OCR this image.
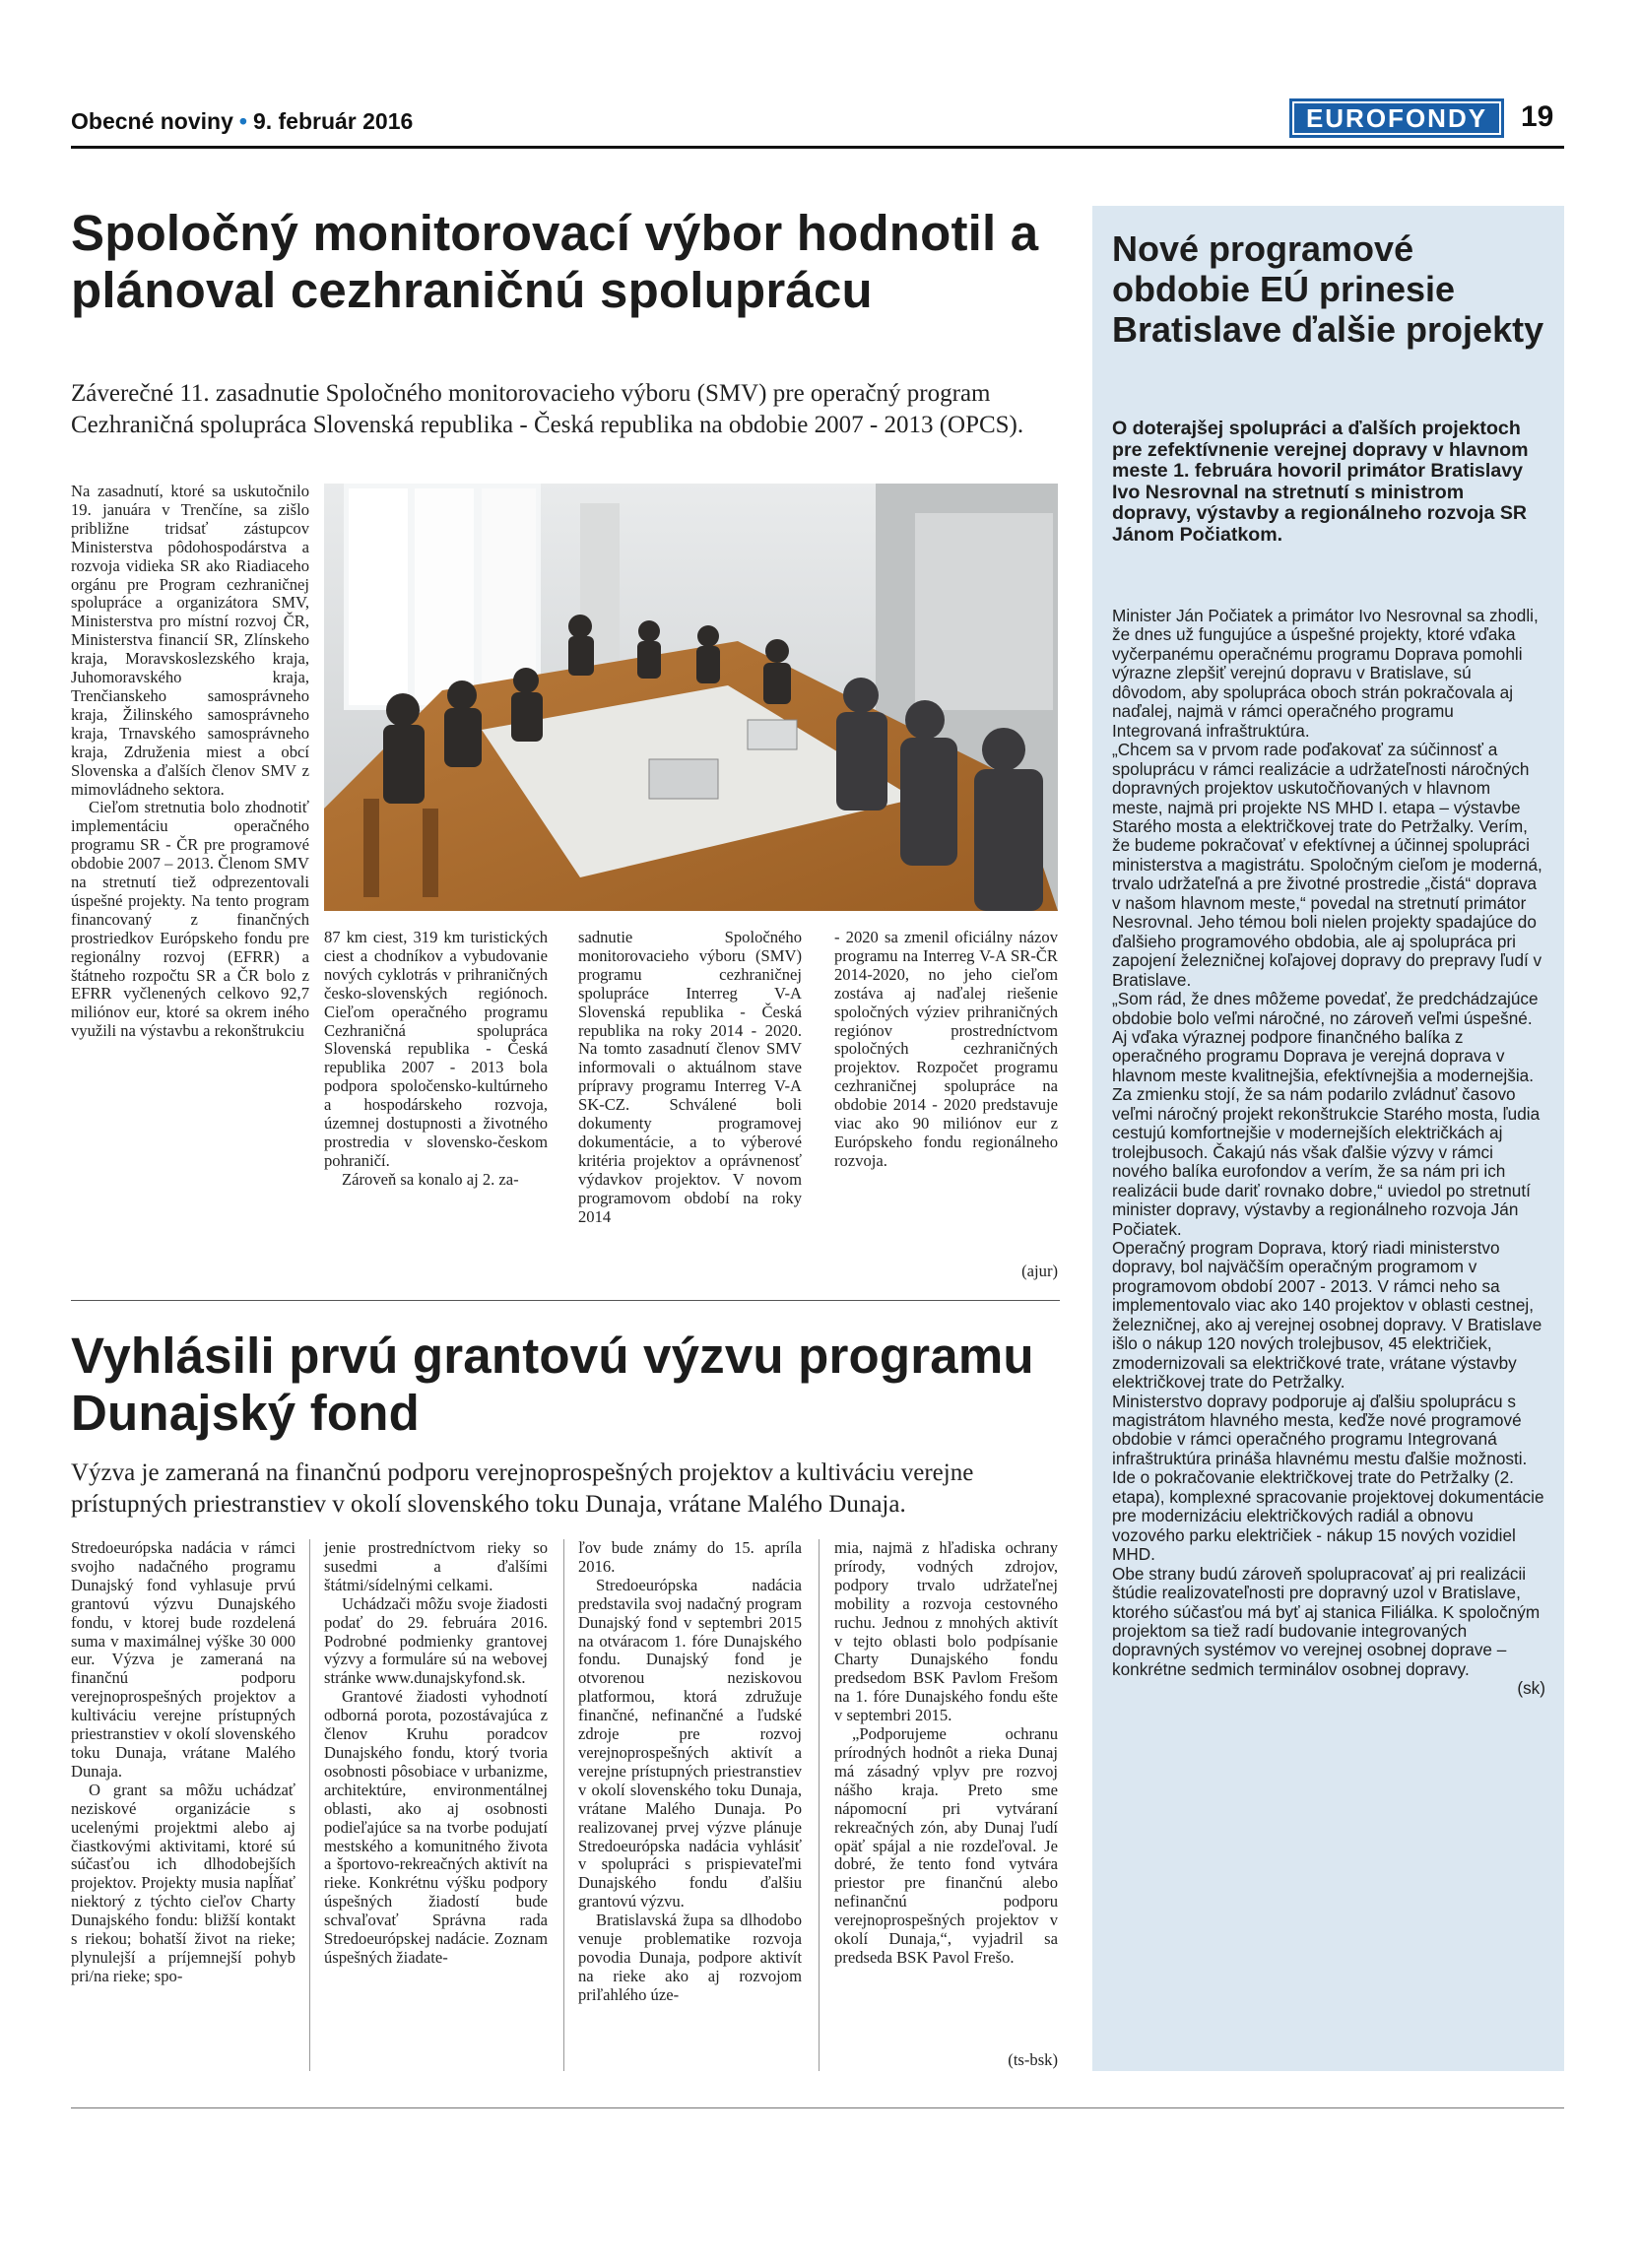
Obecné noviny • 9. február 2016	EUROFONDY	19
Spoločný monitorovací výbor hodnotil a plánoval cezhraničnú spoluprácu
Záverečné 11. zasadnutie Spoločného monitorovacieho výboru (SMV) pre operačný program Cezhraničná spolupráca Slovenská republika - Česká republika na obdobie 2007 - 2013 (OPCS).

Na zasadnutí, ktoré sa uskutočnilo 19. januára v Trenčíne, sa zišlo približne tridsať zástupcov Ministerstva pôdohospodárstva a rozvoja vidieka SR ako Riadiaceho orgánu pre Program cezhraničnej spolupráce a organizátora SMV, Ministerstva pro místní rozvoj ČR, Ministerstva financií SR, Zlínskeho kraja, Moravskoslezského kraja, Juhomoravského kraja, Trenčianskeho samosprávneho kraja, Žilinského samosprávneho kraja, Trnavského samosprávneho kraja, Združenia miest a obcí Slovenska a ďalších členov SMV z mimovládneho sektora.

Cieľom stretnutia bolo zhodnotiť implementáciu operačného programu SR - ČR pre programové obdobie 2007 – 2013. Členom SMV na stretnutí tiež odprezentovali úspešné projekty. Na tento program financovaný z finančných prostriedkov Európskeho fondu pre regionálny rozvoj (EFRR) a štátneho rozpočtu SR a ČR bolo z EFRR vyčlenených celkovo 92,7 miliónov eur, ktoré sa okrem iného využili na výstavbu a rekonštrukciu

87 km ciest, 319 km turistických ciest a chodníkov a vybudovanie nových cyklotrás v prihraničných česko-slovenských regiónoch. Cieľom operačného programu Cezhraničná spolupráca Slovenská republika - Česká republika 2007 - 2013 bola podpora spoločensko-kultúrneho a hospodárskeho rozvoja, územnej dostupnosti a životného prostredia v slovensko-českom pohraničí.

Zároveň sa konalo aj 2. za-

sadnutie Spoločného monitorovacieho výboru (SMV) programu cezhraničnej spolupráce Interreg V-A Slovenská republika - Česká republika na roky 2014 - 2020. Na tomto zasadnutí členov SMV informovali o aktuálnom stave prípravy programu Interreg V-A SK-CZ. Schválené boli dokumenty programovej dokumentácie, a to výberové kritéria projektov a oprávnenosť výdavkov projektov. V novom programovom období na roky 2014

- 2020 sa zmenil oficiálny názov programu na Interreg V-A SR-ČR 2014-2020, no jeho cieľom zostáva aj naďalej riešenie spoločných výziev prihraničných regiónov prostredníctvom spoločných cezhraničných projektov. Rozpočet programu cezhraničnej spolupráce na obdobie 2014 - 2020 predstavuje viac ako 90 miliónov eur z Európskeho fondu regionálneho rozvoja.

(ajur)
Vyhlásili prvú grantovú výzvu programu Dunajský fond
Výzva je zameraná na finančnú podporu verejnoprospešných projektov a kultiváciu verejne prístupných priestranstiev v okolí slovenského toku Dunaja, vrátane Malého Dunaja.

Stredoeurópska nadácia v rámci svojho nadačného programu Dunajský fond vyhlasuje prvú grantovú výzvu Dunajského fondu, v ktorej bude rozdelená suma v maximálnej výške 30 000 eur. Výzva je zameraná na finančnú podporu verejnoprospešných projektov a kultiváciu verejne prístupných priestranstiev v okolí slovenského toku Dunaja, vrátane Malého Dunaja.

O grant sa môžu uchádzať neziskové organizácie s ucelenými projektmi alebo aj čiastkovými aktivitami, ktoré sú súčasťou ich dlhodobejších projektov. Projekty musia napĺňať niektorý z týchto cieľov Charty Dunajského fondu: bližší kontakt s riekou; bohatší život na rieke; plynulejší a príjemnejší pohyb pri/na rieke; spo-

jenie prostredníctvom rieky so susedmi a ďalšími štátmi/sídelnými celkami.

Uchádzači môžu svoje žiadosti podať do 29. februára 2016. Podrobné podmienky grantovej výzvy a formuláre sú na webovej stránke www.dunajskyfond.sk.

Grantové žiadosti vyhodnotí odborná porota, pozostávajúca z členov Kruhu poradcov Dunajského fondu, ktorý tvoria osobnosti pôsobiace v urbanizme, architektúre, environmentálnej oblasti, ako aj osobnosti podieľajúce sa na tvorbe podujatí mestského a komunitného života a športovo-rekreačných aktivít na rieke. Konkrétnu výšku podpory úspešných žiadostí bude schvaľovať Správna rada Stredoeurópskej nadácie. Zoznam úspešných žiadate-

ľov bude známy do 15. apríla 2016.

Stredoeurópska nadácia predstavila svoj nadačný program Dunajský fond v septembri 2015 na otváracom 1. fóre Dunajského fondu. Dunajský fond je otvorenou neziskovou platformou, ktorá združuje finančné, nefinančné a ľudské zdroje pre rozvoj verejnoprospešných aktivít a verejne prístupných priestranstiev v okolí slovenského toku Dunaja, vrátane Malého Dunaja. Po realizovanej prvej výzve plánuje Stredoeurópska nadácia vyhlásiť v spolupráci s prispievateľmi Dunajského fondu ďalšiu grantovú výzvu.

Bratislavská župa sa dlhodobo venuje problematike rozvoja povodia Dunaja, podpore aktivít na rieke ako aj rozvojom priľahlého úze-

mia, najmä z hľadiska ochrany prírody, vodných zdrojov, podpory trvalo udržateľnej mobility a rozvoja cestovného ruchu. Jednou z mnohých aktivít v tejto oblasti bolo podpísanie Charty Dunajského fondu predsedom BSK Pavlom Frešom na 1. fóre Dunajského fondu ešte v septembri 2015.

„Podporujeme ochranu prírodných hodnôt a rieka Dunaj má zásadný vplyv pre rozvoj nášho kraja. Preto sme nápomocní pri vytváraní rekreačných zón, aby Dunaj ľudí opäť spájal a nie rozdeľoval. Je dobré, že tento fond vytvára priestor pre finančnú alebo nefinančnú podporu verejnoprospešných projektov v okolí Dunaja,“, vyjadril sa predseda BSK Pavol Frešo.

(ts-bsk)
Nové programové obdobie EÚ prinesie Bratislave ďalšie projekty
O doterajšej spolupráci a ďalších projektoch pre zefektívnenie verejnej dopravy v hlavnom meste 1. februára hovoril primátor Bratislavy Ivo Nesrovnal na stretnutí s ministrom dopravy, výstavby a regionálneho rozvoja SR Jánom Počiatkom.

Minister Ján Počiatek a primátor Ivo Nesrovnal sa zhodli, že dnes už fungujúce a úspešné projekty, ktoré vďaka vyčerpanému operačnému programu Doprava pomohli výrazne zlepšiť verejnú dopravu v Bratislave, sú dôvodom, aby spolupráca oboch strán pokračovala aj naďalej, najmä v rámci operačného programu Integrovaná infraštruktúra.

„Chcem sa v prvom rade poďakovať za súčinnosť a spoluprácu v rámci realizácie a udržateľnosti náročných dopravných projektov uskutočňovaných v hlavnom meste, najmä pri projekte NS MHD I. etapa – výstavbe Starého mosta a električkovej trate do Petržalky. Verím, že budeme pokračovať v efektívnej a účinnej spolupráci ministerstva a magistrátu. Spoločným cieľom je moderná, trvalo udržateľná a pre životné prostredie „čistá“ doprava v našom hlavnom meste,“ povedal na stretnutí primátor Nesrovnal. Jeho témou boli nielen projekty spadajúce do ďalšieho programového obdobia, ale aj spolupráca pri zapojení železničnej koľajovej dopravy do prepravy ľudí v Bratislave.

„Som rád, že dnes môžeme povedať, že predchádzajúce obdobie bolo veľmi náročné, no zároveň veľmi úspešné. Aj vďaka výraznej podpore finančného balíka z operačného programu Doprava je verejná doprava v hlavnom meste kvalitnejšia, efektívnejšia a modernejšia. Za zmienku stojí, že sa nám podarilo zvládnuť časovo veľmi náročný projekt rekonštrukcie Starého mosta, ľudia cestujú komfortnejšie v modernejších električkách aj trolejbusoch. Čakajú nás však ďalšie výzvy v rámci nového balíka eurofondov a verím, že sa nám pri ich realizácii bude dariť rovnako dobre,“ uviedol po stretnutí minister dopravy, výstavby a regionálneho rozvoja Ján Počiatek.

Operačný program Doprava, ktorý riadi ministerstvo dopravy, bol najväčším operačným programom v programovom období 2007 - 2013. V rámci neho sa implementovalo viac ako 140 projektov v oblasti cestnej, železničnej, ako aj verejnej osobnej dopravy. V Bratislave išlo o nákup 120 nových trolejbusov, 45 električiek, zmodernizovali sa električkové trate, vrátane výstavby električkovej trate do Petržalky.

Ministerstvo dopravy podporuje aj ďalšiu spoluprácu s magistrátom hlavného mesta, keďže nové programové obdobie v rámci operačného programu Integrovaná infraštruktúra prináša hlavnému mestu ďalšie možnosti. Ide o pokračovanie električkovej trate do Petržalky (2. etapa), komplexné spracovanie projektovej dokumentácie pre modernizáciu električkových radiál a obnovu vozového parku električiek - nákup 15 nových vozidiel MHD.

Obe strany budú zároveň spolupracovať aj pri realizácii štúdie realizovateľnosti pre dopravný uzol v Bratislave, ktorého súčasťou má byť aj stanica Filiálka. K spoločným projektom sa tiež radí budovanie integrovaných dopravných systémov vo verejnej osobnej doprave – konkrétne sedmich terminálov osobnej dopravy.

(sk)
